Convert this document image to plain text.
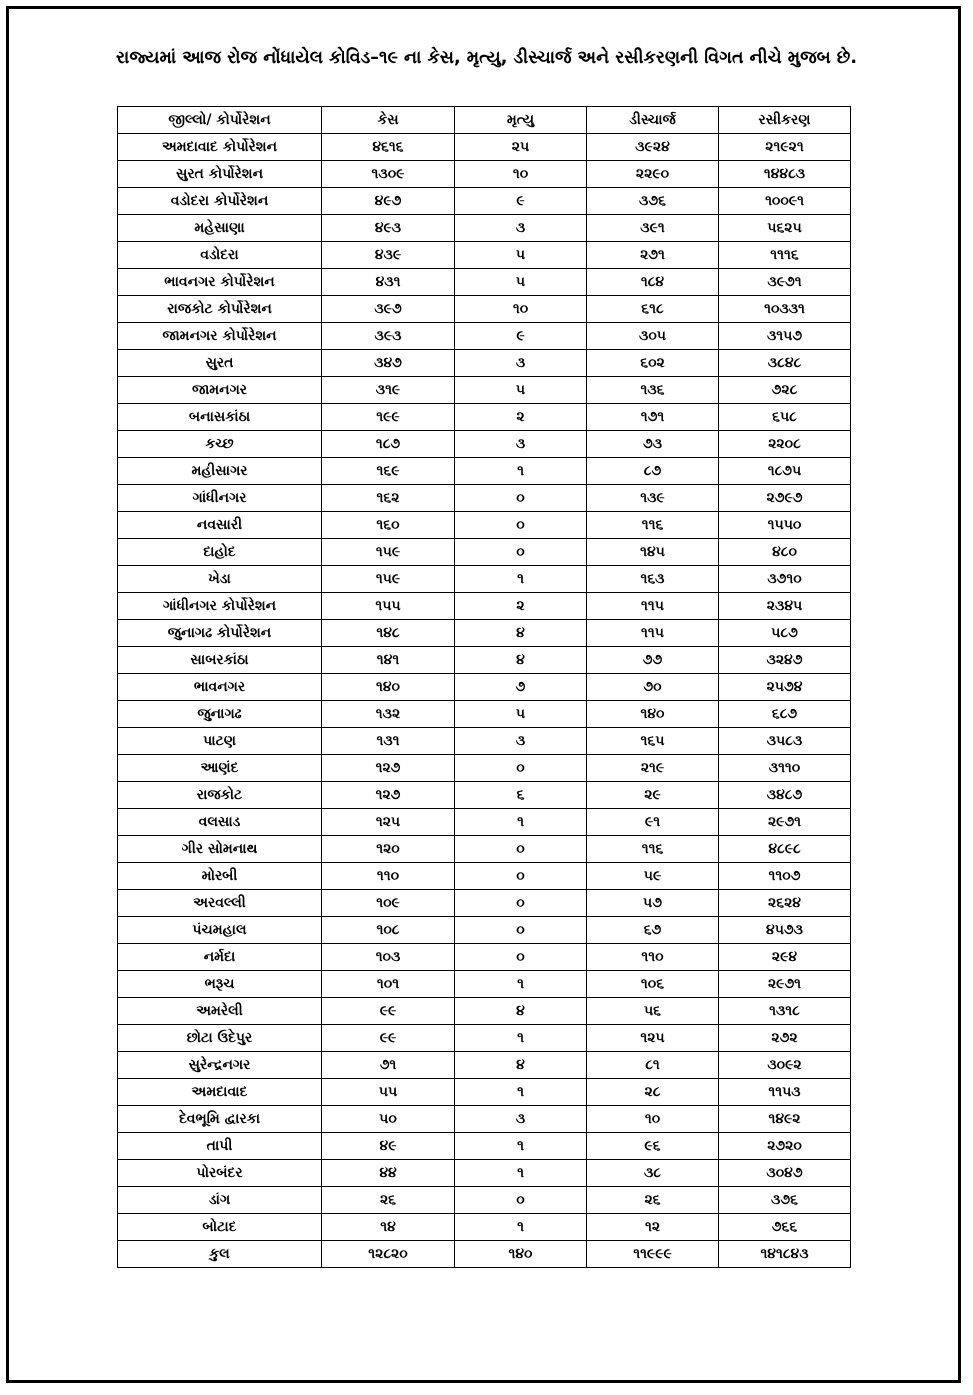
રાજ્યમાં આજ રોજ નોંધાયેલ કોવિડ–૧૯ ના કેસ, મૃત્યુ, ડીસ્ચાર્જ અને રસીકરણની વિગત નીચે મુજબ છે.
જીલ્લો/ કોર્પોરેશન	કેસ	મૃત્યુ	ડીસ્ચાર્જ	રસીકરણ
અમદાવાદ કોર્પોરેશન	૪૬૧૬	૨૫	૩૯૨૪	૨૧૯૨૧
સુરત કોર્પોરેશન	૧૩૦૯	૧૦	૨૨૯૦	૧૪૪૮૩
વડોદરા કોર્પોરેશન	૪૯૭	૯	૩૭૬	૧૦૦૯૧
મહેસાણા	૪૯૩	૩	૩૯૧	૫૬૨૫
વડોદરા	૪૩૯	૫	૨૭૧	૧૧૧૬
ભાવનગર કોર્પોરેશન	૪૩૧	૫	૧૮૪	૩૯૭૧
રાજકોટ કોર્પોરેશન	૩૯૭	૧૦	૬૧૮	૧૦૩૩૧
જામનગર કોર્પોરેશન	૩૯૩	૯	૩૦૫	૩૧૫૭
સુરત	૩૪૭	૩	૬૦૨	૩૮૪૮
જામનગર	૩૧૯	૫	૧૩૬	૭૨૮
બનાસકાંઠા	૧૯૯	૨	૧૭૧	૬૫૮
કચ્છ	૧૮૭	૩	૭૩	૨૨૦૮
મહીસાગર	૧૬૯	૧	૮૭	૧૮૭૫
ગાંધીનગર	૧૬૨	૦	૧૩૯	૨૭૯૭
નવસારી	૧૬૦	૦	૧૧૬	૧૫૫૦
દાહોદ	૧૫૯	૦	૧૪૫	૪૮૦
ખેડા	૧૫૯	૧	૧૬૩	૩૭૧૦
ગાંધીનગર કોર્પોરેશન	૧૫૫	૨	૧૧૫	૨૩૪૫
જુનાગઢ કોર્પોરેશન	૧૪૮	૪	૧૧૫	૫૮૭
સાબરકાંઠા	૧૪૧	૪	૭૭	૩૨૪૭
ભાવનગર	૧૪૦	૭	૭૦	૨૫૭૪
જુનાગઢ	૧૩૨	૫	૧૪૦	૬૮૭
પાટણ	૧૩૧	૩	૧૬૫	૩૫૮૩
આણંદ	૧૨૭	૦	૨૧૯	૩૧૧૦
રાજકોટ	૧૨૭	૬	૨૯	૩૪૮૭
વલસાડ	૧૨૫	૧	૯૧	૨૯૭૧
ગીર સોમનાથ	૧૨૦	૦	૧૧૬	૪૮૯૮
મોરબી	૧૧૦	૦	૫૯	૧૧૦૭
અરવલ્લી	૧૦૯	૦	૫૭	૨૬૨૪
પંચમહાલ	૧૦૮	૦	૬૭	૪૫૭૩
નર્મદા	૧૦૩	૦	૧૧૦	૨૯૪
ભરૂચ	૧૦૧	૧	૧૦૬	૨૯૭૧
અમરેલી	૯૯	૪	૫૬	૧૩૧૮
છોટા ઉદેપુર	૯૯	૧	૧૨૫	૨૭૨
સુરેન્દ્રનગર	૭૧	૪	૮૧	૩૦૯૨
અમદાવાદ	૫૫	૧	૨૮	૧૧૫૩
દેવભૂમિ દ્વારકા	૫૦	૩	૧૦	૧૪૯૨
તાપી	૪૯	૧	૯૬	૨૭૨૦
પોરબંદર	૪૪	૧	૩૮	૩૦૪૭
ડાંગ	૨૬	૦	૨૬	૩૭૬
બોટાદ	૧૪	૧	૧૨	૭૬૬
કુલ	૧૨૮૨૦	૧૪૦	૧૧૯૯૯	૧૪૧૮૪૩
